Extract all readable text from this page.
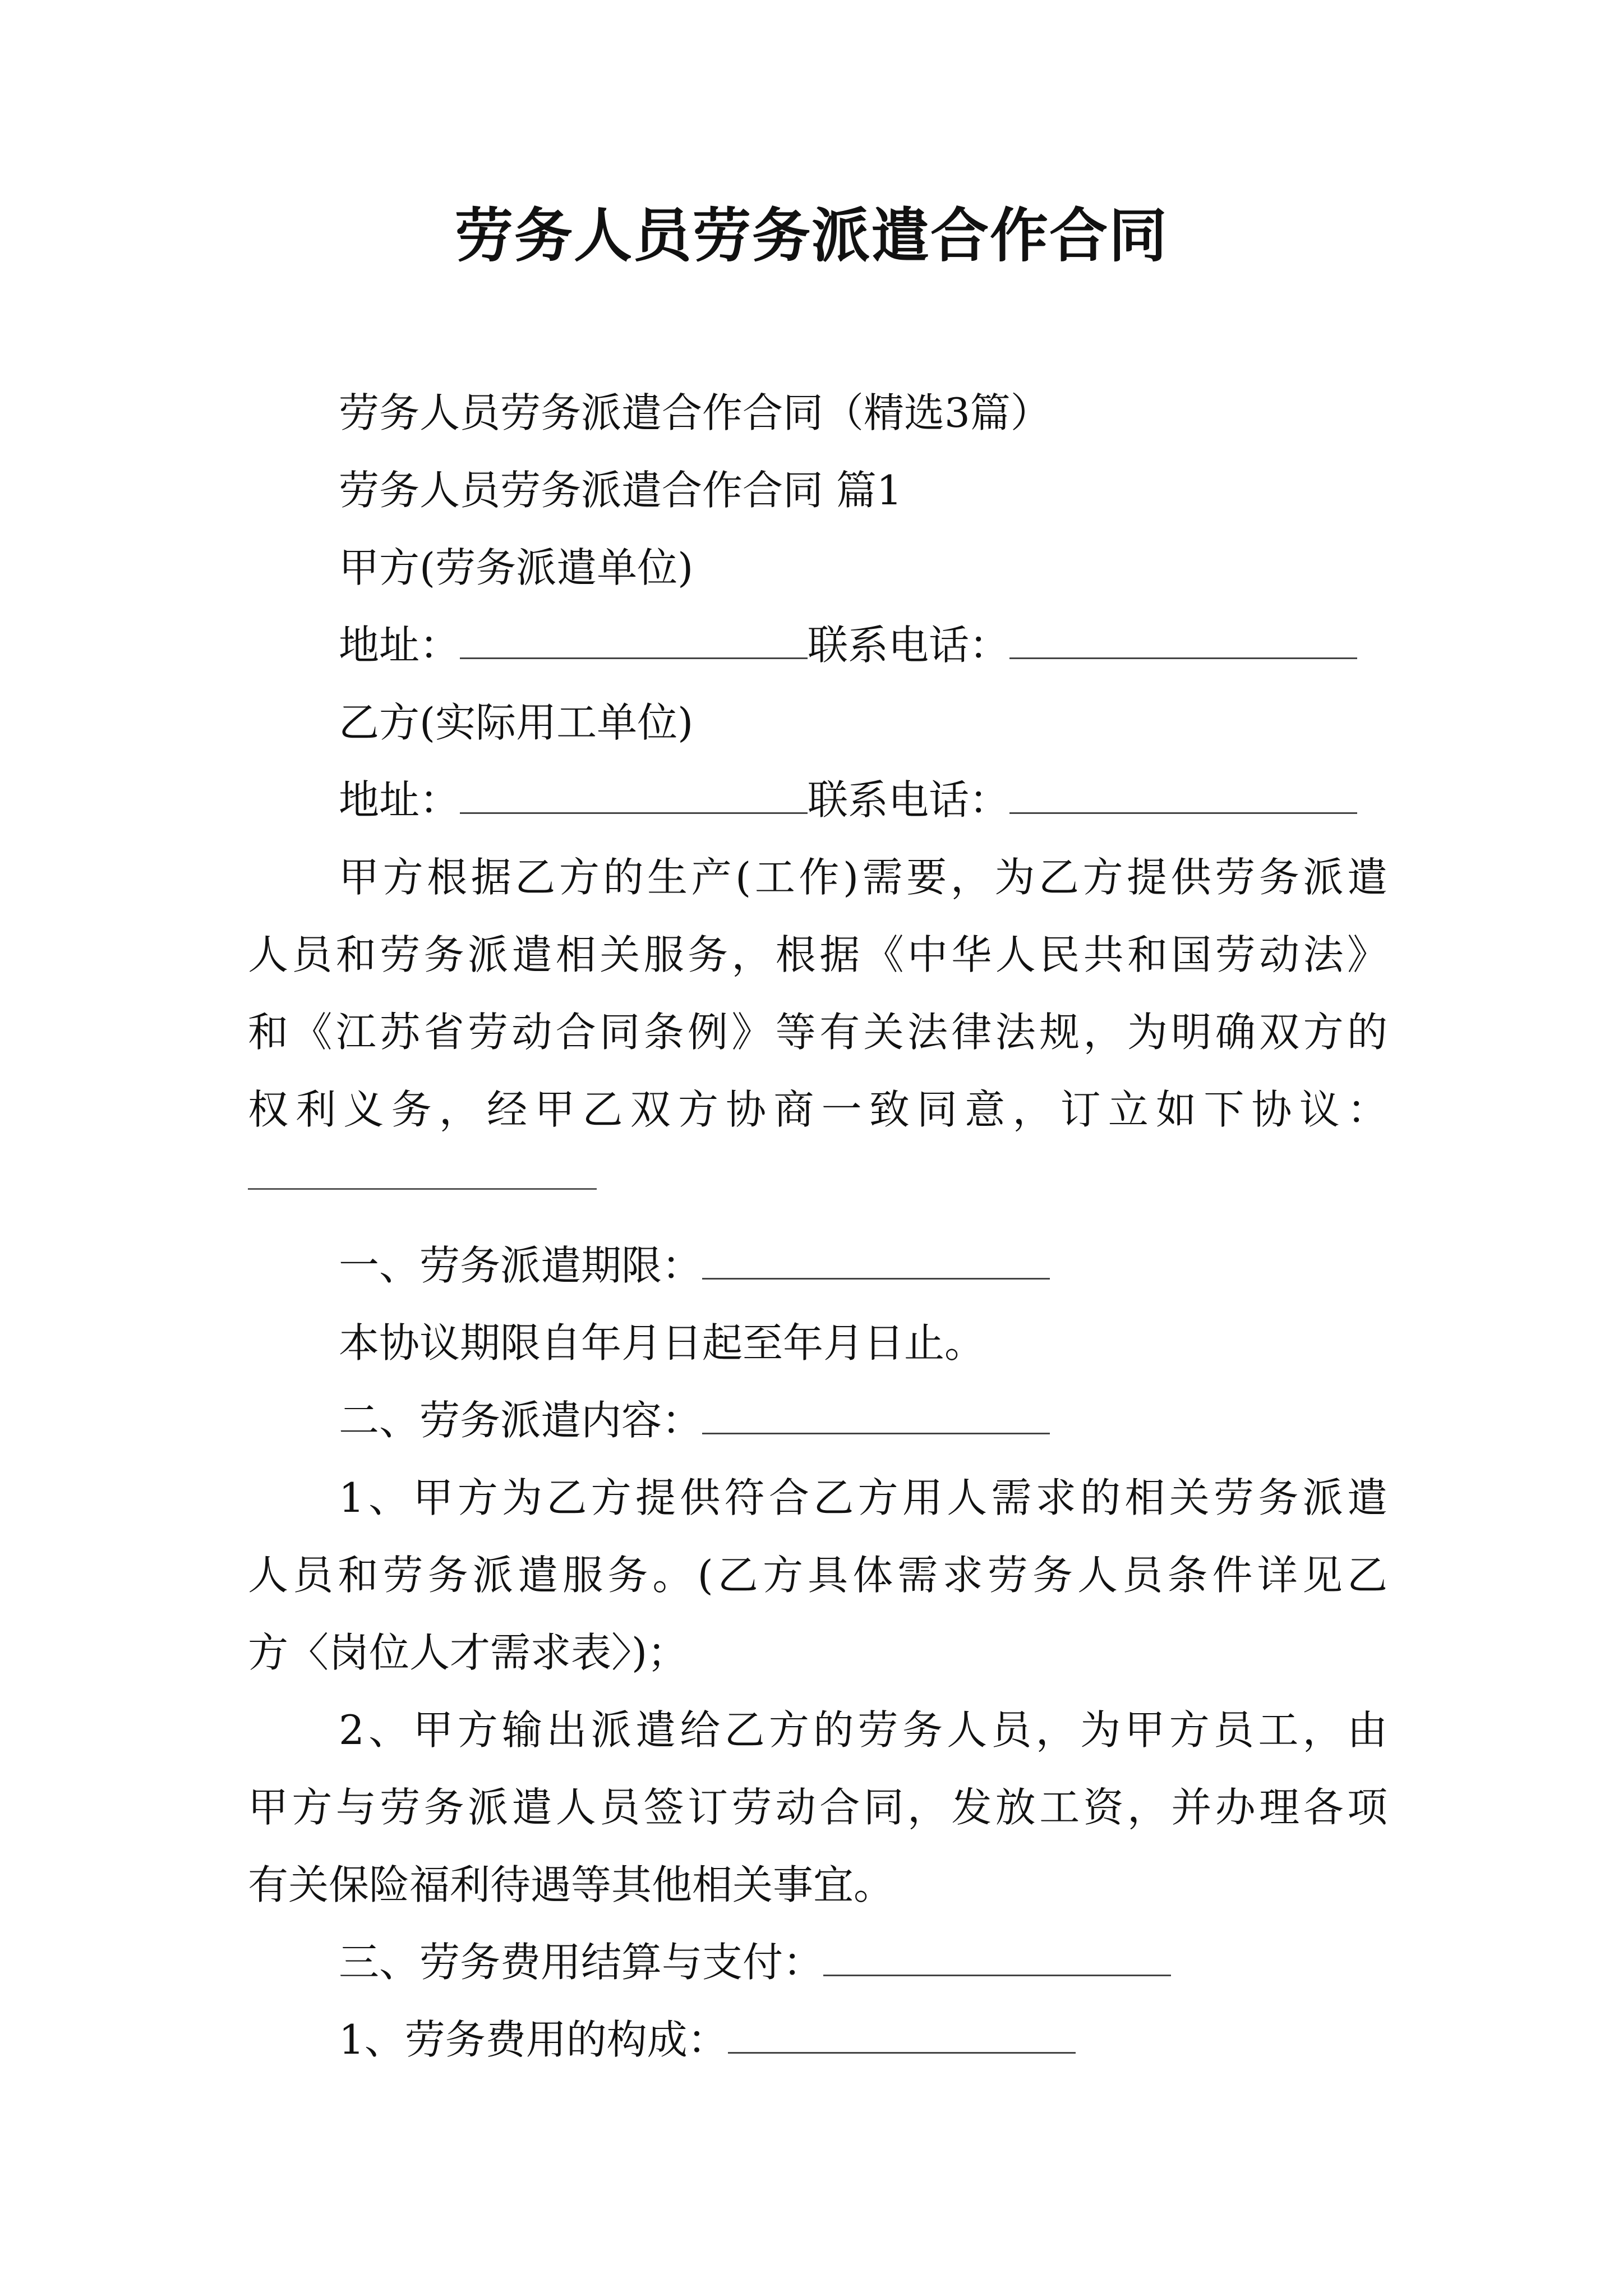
劳务人员劳务派遣合作合同
劳务人员劳务派遣合作合同（精选3篇）
劳务人员劳务派遣合作合同 篇1
甲方(劳务派遣单位)
地址：	联系电话：
乙方(实际用工单位)
地址：	联系电话：
甲方根据乙方的生产(工作)需要，为乙方提供劳务派遣
人员和劳务派遣相关服务，根据《中华人民共和国劳动法》
和《江苏省劳动合同条例》等有关法律法规，为明确双方的
权利义务，经甲乙双方协商一致同意，订立如下协议：
一、劳务派遣期限：
本协议期限自年月日起至年月日止。
二、劳务派遣内容：
1、甲方为乙方提供符合乙方用人需求的相关劳务派遣
人员和劳务派遣服务。(乙方具体需求劳务人员条件详见乙
方〈岗位人才需求表〉)；
2、甲方输出派遣给乙方的劳务人员，为甲方员工，由
甲方与劳务派遣人员签订劳动合同，发放工资，并办理各项
有关保险福利待遇等其他相关事宜。
三、劳务费用结算与支付：
1、劳务费用的构成：
